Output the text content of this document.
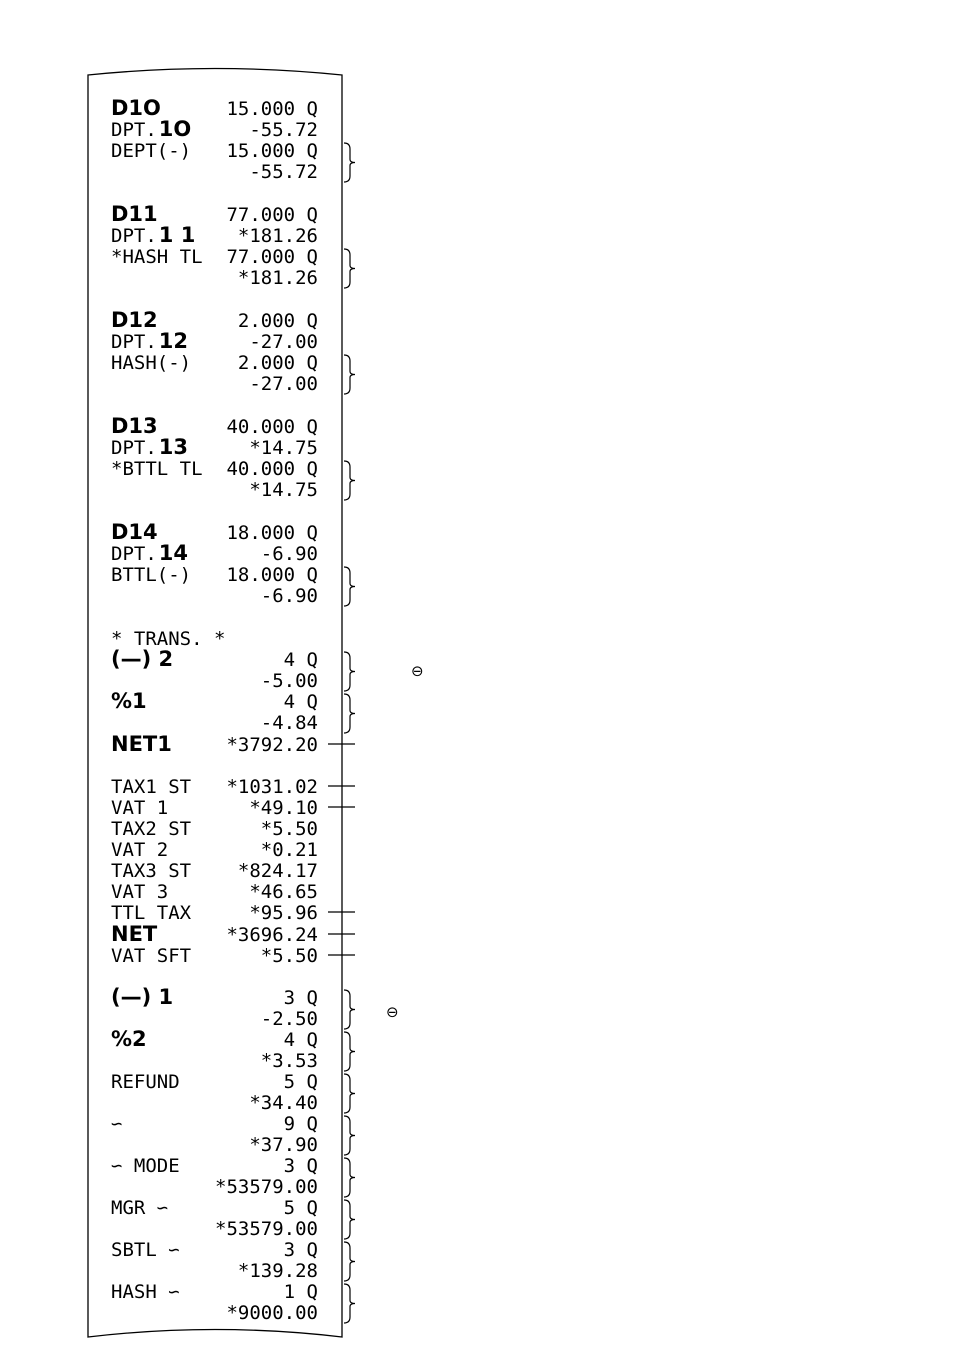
D1O	15.000 Q
DPT.1O	-55.72
DEPT(-) 15.000 Q
-55.72
D11	77.000 Q
DPT.1 1 *181.26
*HASH TL 77.000 Q
*181.26
D12	2.000 Q
DPT.12	-27.00
HASH(-) 2.000 Q
-27.00
D13	40.000 Q
DPT.13	*14.75
*BTTL TL 40.000 Q
*14.75
D14	18.000 Q
DPT.14	-6.90
BTTL(-) 18.000 Q
-6.90
* TRANS. *
(—) 2	4 Q
-5.00
%1	4 Q
-4.84
NET1	*3792.20
TAX1 ST *1031.02
VAT 1	*49.10
TAX2 ST	*5.50
VAT 2	*0.21
TAX3 ST *824.17
VAT 3	*46.65
TTL TAX	*95.96
NET	*3696.24
VAT SFT	*5.50
(—) 1	3 Q
-2.50
%2	4 Q
*3.53
REFUND	5 Q
*34.40
∽	9 Q
*37.90
∽ MODE	3 Q
*53579.00
MGR ∽	5 Q
*53579.00
SBTL ∽	3 Q
*139.28
HASH ∽	1 Q
*9000.00
⊖
⊖
